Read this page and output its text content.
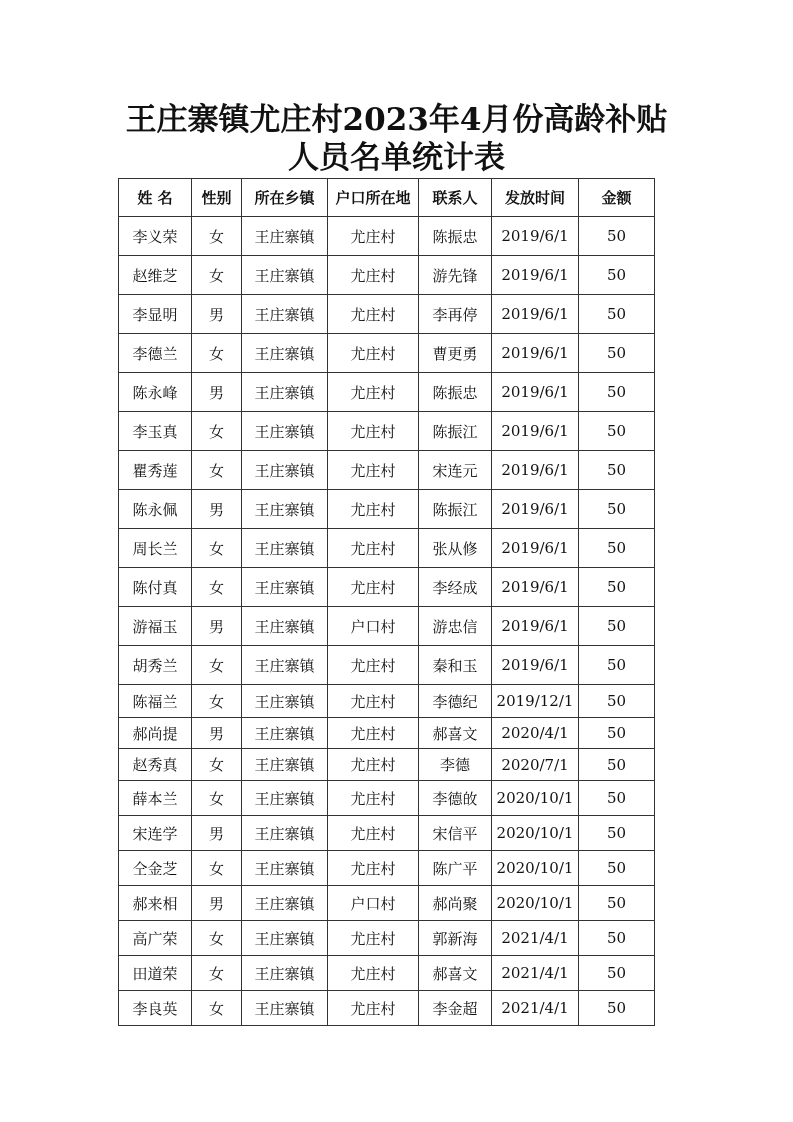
王庄寨镇尤庄村2023年4月份高龄补贴
人员名单统计表
姓 名	性别	所在乡镇	户口所在地	联系人	发放时间	金额
李义荣	女	王庄寨镇	尤庄村	陈振忠	2019/6/1	50
赵维芝	女	王庄寨镇	尤庄村	游先锋	2019/6/1	50
李显明	男	王庄寨镇	尤庄村	李再停	2019/6/1	50
李德兰	女	王庄寨镇	尤庄村	曹更勇	2019/6/1	50
陈永峰	男	王庄寨镇	尤庄村	陈振忠	2019/6/1	50
李玉真	女	王庄寨镇	尤庄村	陈振江	2019/6/1	50
瞿秀莲	女	王庄寨镇	尤庄村	宋连元	2019/6/1	50
陈永佩	男	王庄寨镇	尤庄村	陈振江	2019/6/1	50
周长兰	女	王庄寨镇	尤庄村	张从修	2019/6/1	50
陈付真	女	王庄寨镇	尤庄村	李经成	2019/6/1	50
游福玉	男	王庄寨镇	户口村	游忠信	2019/6/1	50
胡秀兰	女	王庄寨镇	尤庄村	秦和玉	2019/6/1	50
陈福兰	女	王庄寨镇	尤庄村	李德纪	2019/12/1	50
郝尚提	男	王庄寨镇	尤庄村	郝喜文	2020/4/1	50
赵秀真	女	王庄寨镇	尤庄村	李德	2020/7/1	50
薛本兰	女	王庄寨镇	尤庄村	李德敀	2020/10/1	50
宋连学	男	王庄寨镇	尤庄村	宋信平	2020/10/1	50
仝金芝	女	王庄寨镇	尤庄村	陈广平	2020/10/1	50
郝来相	男	王庄寨镇	户口村	郝尚聚	2020/10/1	50
高广荣	女	王庄寨镇	尤庄村	郭新海	2021/4/1	50
田道荣	女	王庄寨镇	尤庄村	郝喜文	2021/4/1	50
李良英	女	王庄寨镇	尤庄村	李金超	2021/4/1	50
